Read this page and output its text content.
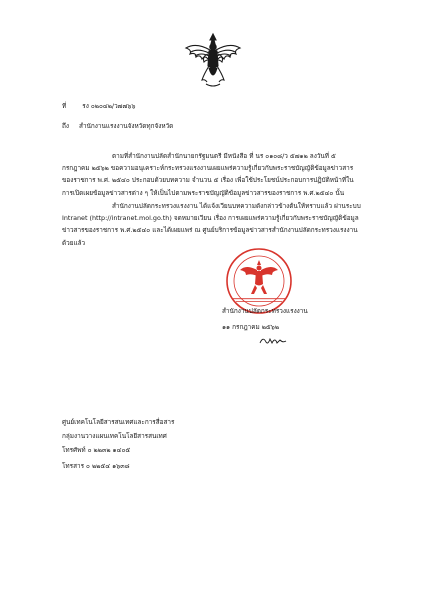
ที่	รง ๐๒๐๔๒/ว๗๗๖๖
ถึง สำนักงานแรงงานจังหวัดทุกจังหวัด
ตามที่สำนักงานปลัดสำนักนายกรัฐมนตรี มีหนังสือ ที่ นร ๐๑๐๘/ว ๕๗๑๒ ลงวันที่ ๕ กรกฎาคม ๒๕๖๒ ขอความอนุเคราะห์กระทรวงแรงงานเผยแพร่ความรู้เกี่ยวกับพระราชบัญญัติข้อมูลข่าวสารของราชการ พ.ศ. ๒๕๔๐ ประกอบด้วยบทความ จำนวน ๕ เรื่อง เพื่อใช้ประโยชน์ประกอบการปฏิบัติหน้าที่ในการเปิดเผยข้อมูลข่าวสารต่าง ๆ ให้เป็นไปตามพระราชบัญญัติข้อมูลข่าวสารของราชการ พ.ศ.๒๕๔๐ นั้น
สำนักงานปลัดกระทรวงแรงงาน ได้แจ้งเวียนบทความดังกล่าวข้างต้นให้ทราบแล้ว ผ่านระบบ Intranet (http://intranet.mol.go.th) จดหมายเวียน เรื่อง การเผยแพร่ความรู้เกี่ยวกับพระราชบัญญัติข้อมูลข่าวสารของราชการ พ.ศ.๒๕๔๐ และได้เผยแพร่ ณ ศูนย์บริการข้อมูลข่าวสารสำนักงานปลัดกระทรวงแรงงานด้วยแล้ว
สำนักงานปลัดกระทรวงแรงงาน
๑๑ กรกฎาคม ๒๕๖๒
ศูนย์เทคโนโลยีสารสนเทศและการสื่อสาร
กลุ่มงานวางแผนเทคโนโลยีสารสนเทศ
โทรศัพท์ ๐ ๒๒๓๒ ๑๔๐๕
โทรสาร ๐ ๒๒๕๔ ๑๖๓๘
